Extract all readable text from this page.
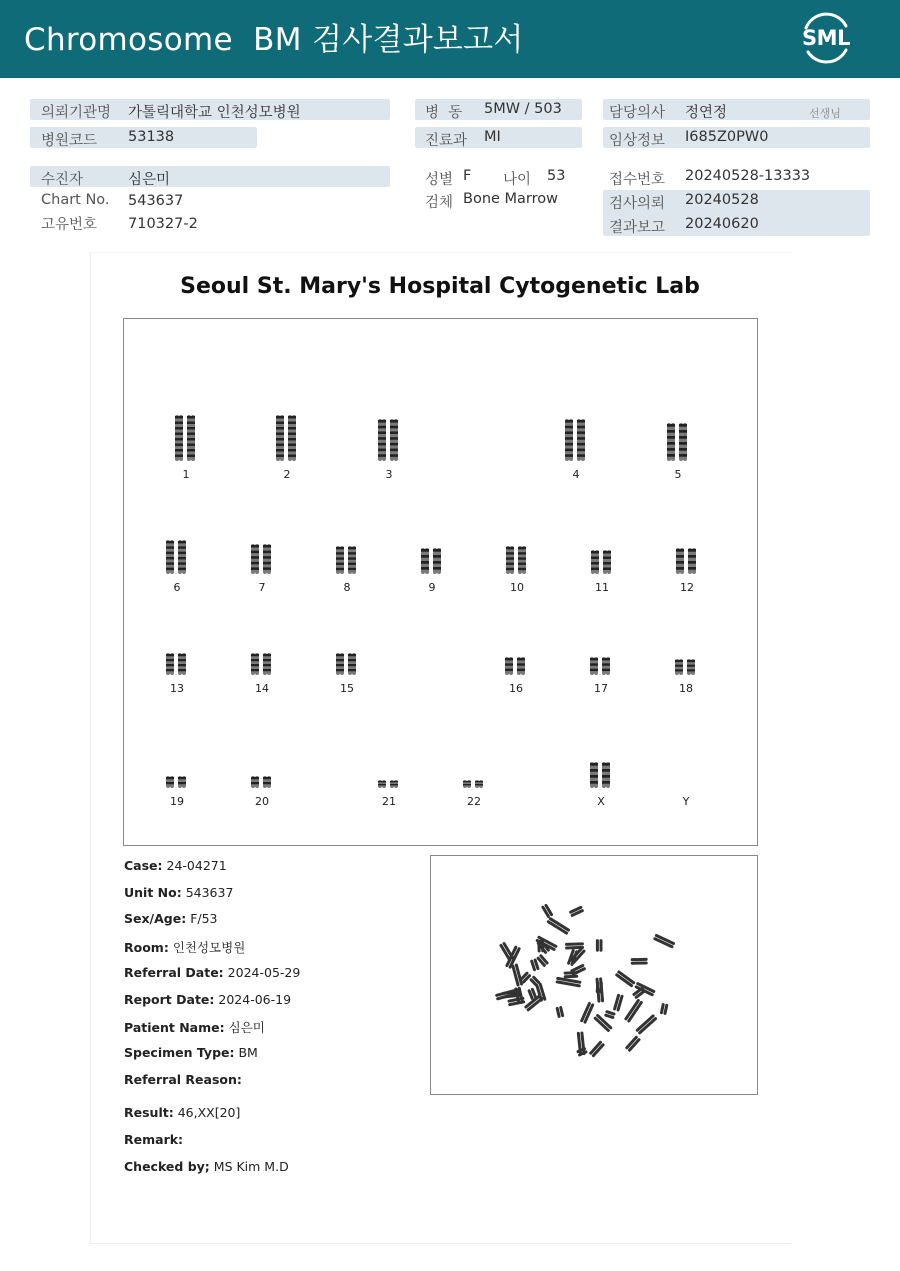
Chromosome  BM 검사결과보고서	SML
의뢰기관명 가톨릭대학교 인천성모병원
병원코드 53138
병  동 5MW / 503
진료과 MI
담당의사 정연정	선생님
임상정보 I685Z0PW0
수진자	심은미
Chart No. 543637
고유번호 710327-2
성별 F 나이 53
검체 Bone Marrow
접수번호 20240528-13333
검사의뢰 20240528
결과보고 20240620
Seoul St. Mary's Hospital Cytogenetic Lab
1	2	3	4	5
6	7	8	9	10	11	12
13	14	15	16	17	18
19	20	21	22	X	Y
Case: 24-04271
Unit No: 543637
Sex/Age: F/53
Room: 인천성모병원
Referral Date: 2024-05-29
Report Date: 2024-06-19
Patient Name: 심은미
Specimen Type: BM
Referral Reason:
Result: 46,XX[20]
Remark:
Checked by; MS Kim M.D
